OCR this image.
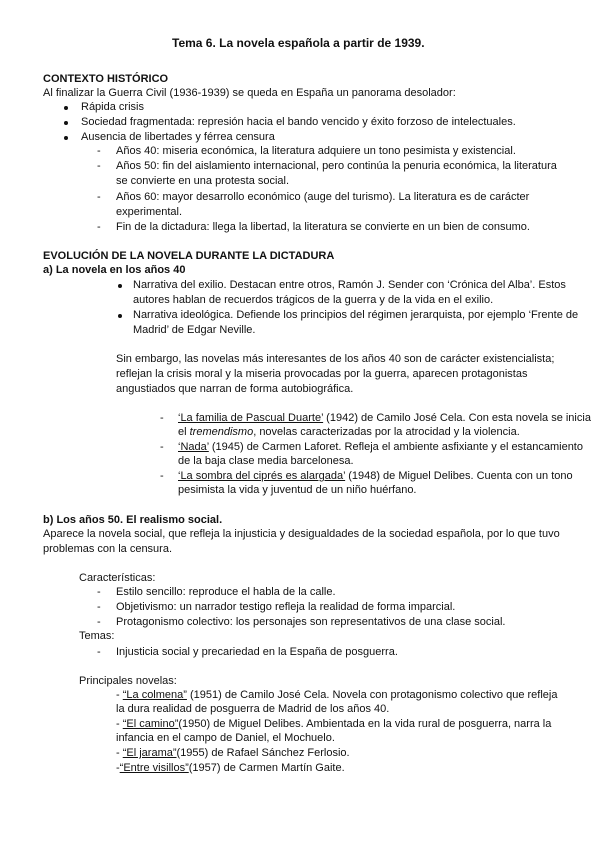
Tema 6. La novela española a partir de 1939.
CONTEXTO HISTÓRICO
Al finalizar la Guerra Civil (1936-1939) se queda en España un panorama desolador:
Rápida crisis
Sociedad fragmentada: represión hacia el bando vencido y éxito forzoso de intelectuales.
Ausencia de libertades y férrea censura
- Años 40: miseria económica, la literatura adquiere un tono pesimista y existencial.
- Años 50: fin del aislamiento internacional, pero continúa la penuria económica, la literatura
se convierte en una protesta social.
- Años 60: mayor desarrollo económico (auge del turismo). La literatura es de carácter
experimental.
- Fin de la dictadura: llega la libertad, la literatura se convierte en un bien de consumo.
EVOLUCIÓN DE LA NOVELA DURANTE LA DICTADURA
a) La novela en los años 40
Narrativa del exilio. Destacan entre otros, Ramón J. Sender con ‘Crónica del Alba’. Estos
autores hablan de recuerdos trágicos de la guerra y de la vida en el exilio.
Narrativa ideológica. Defiende los principios del régimen jerarquista, por ejemplo ‘Frente de
Madrid’ de Edgar Neville.
Sin embargo, las novelas más interesantes de los años 40 son de carácter existencialista;
reflejan la crisis moral y la miseria provocadas por la guerra, aparecen protagonistas
angustiados que narran de forma autobiográfica.
- ‘La familia de Pascual Duarte’ (1942) de Camilo José Cela. Con esta novela se inicia
el tremendismo, novelas caracterizadas por la atrocidad y la violencia.
- ‘Nada’ (1945) de Carmen Laforet. Refleja el ambiente asfixiante y el estancamiento
de la baja clase media barcelonesa.
- ‘La sombra del ciprés es alargada’ (1948) de Miguel Delibes. Cuenta con un tono
pesimista la vida y juventud de un niño huérfano.
b) Los años 50. El realismo social.
Aparece la novela social, que refleja la injusticia y desigualdades de la sociedad española, por lo que tuvo
problemas con la censura.
Características:
- Estilo sencillo: reproduce el habla de la calle.
- Objetivismo: un narrador testigo refleja la realidad de forma imparcial.
- Protagonismo colectivo: los personajes son representativos de una clase social.
Temas:
- Injusticia social y precariedad en la España de posguerra.
Principales novelas:
- “La colmena” (1951) de Camilo José Cela. Novela con protagonismo colectivo que refleja
la dura realidad de posguerra de Madrid de los años 40.
- “El camino”(1950) de Miguel Delibes. Ambientada en la vida rural de posguerra, narra la
infancia en el campo de Daniel, el Mochuelo.
- “El jarama”(1955) de Rafael Sánchez Ferlosio.
-“Entre visillos”(1957) de Carmen Martín Gaite.
